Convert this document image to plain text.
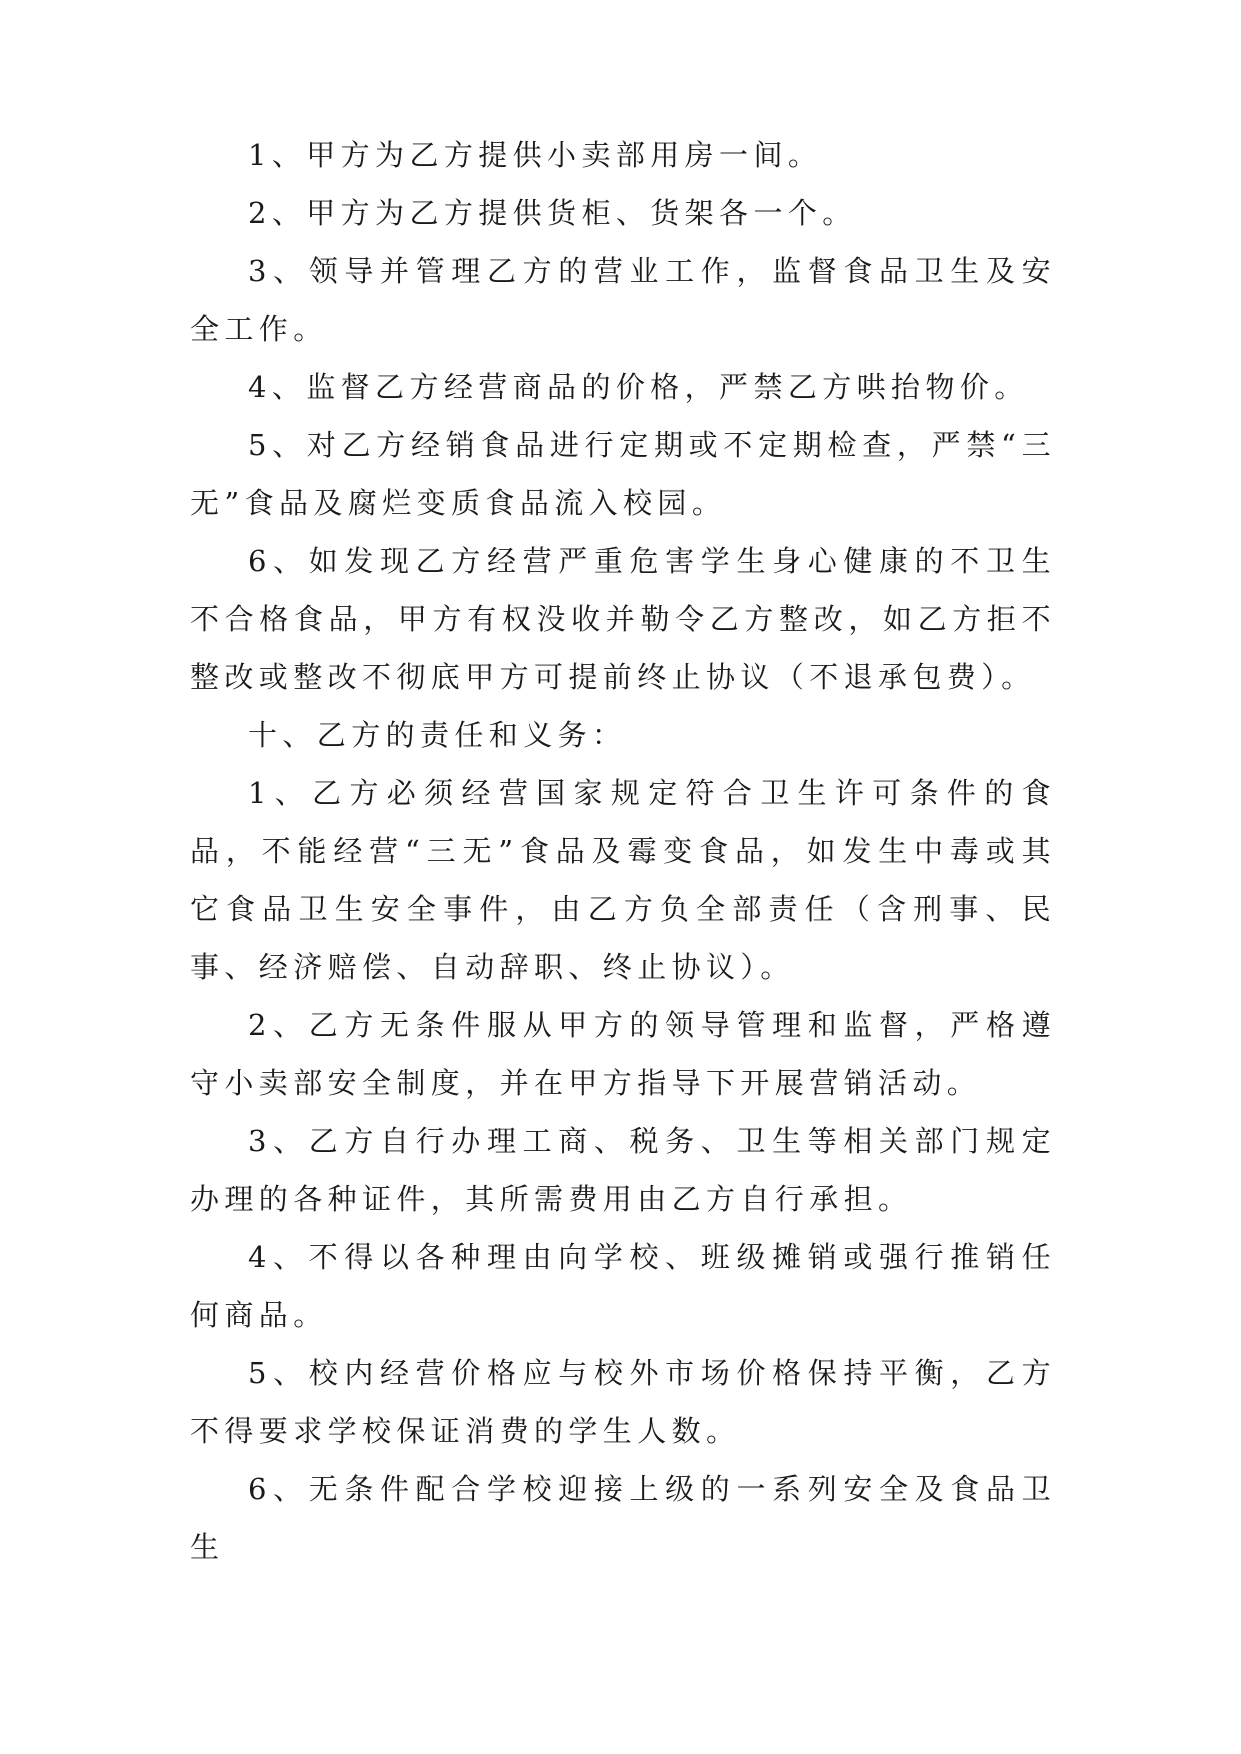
1、甲方为乙方提供小卖部用房一间。

2、甲方为乙方提供货柜、货架各一个。

3、领导并管理乙方的营业工作，监督食品卫生及安全工作。

4、监督乙方经营商品的价格，严禁乙方哄抬物价。

5、对乙方经销食品进行定期或不定期检查，严禁“三无”食品及腐烂变质食品流入校园。

6、如发现乙方经营严重危害学生身心健康的不卫生不合格食品，甲方有权没收并勒令乙方整改，如乙方拒不整改或整改不彻底甲方可提前终止协议（不退承包费）。

十、乙方的责任和义务：

1、乙方必须经营国家规定符合卫生许可条件的食品，不能经营“三无”食品及霉变食品，如发生中毒或其它食品卫生安全事件，由乙方负全部责任（含刑事、民事、经济赔偿、自动辞职、终止协议）。

2、乙方无条件服从甲方的领导管理和监督，严格遵守小卖部安全制度，并在甲方指导下开展营销活动。

3、乙方自行办理工商、税务、卫生等相关部门规定办理的各种证件，其所需费用由乙方自行承担。

4、不得以各种理由向学校、班级摊销或强行推销任何商品。

5、校内经营价格应与校外市场价格保持平衡，乙方不得要求学校保证消费的学生人数。

6、无条件配合学校迎接上级的一系列安全及食品卫生
